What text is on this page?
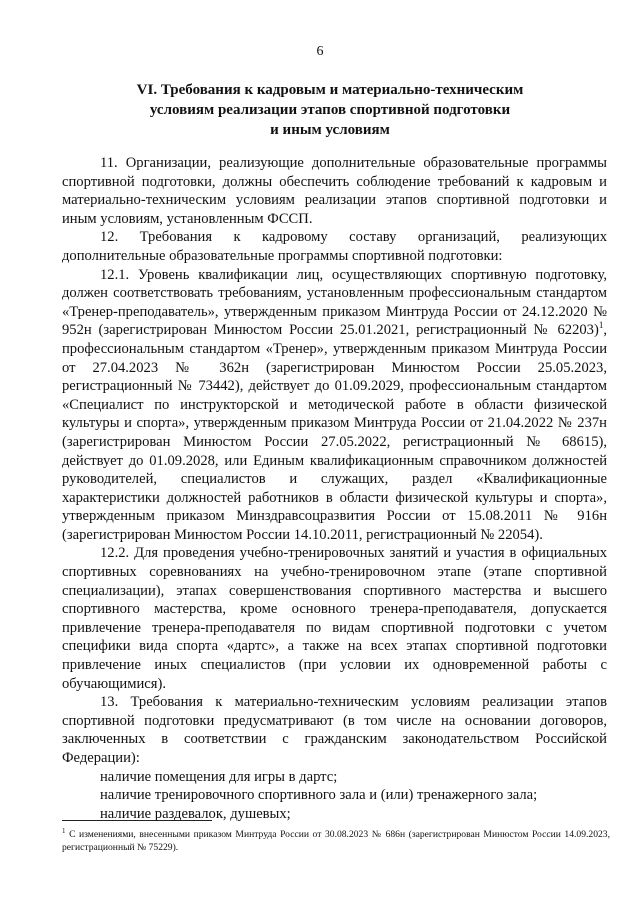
6
VI. Требования к кадровым и материально-техническим
условиям реализации этапов спортивной подготовки
и иным условиям

11. Организации, реализующие дополнительные образовательные программы спортивной подготовки, должны обеспечить соблюдение требований к кадровым и материально-техническим условиям реализации этапов спортивной подготовки и иным условиям, установленным ФССП.

12. Требования к кадровому составу организаций, реализующих дополнительные образовательные программы спортивной подготовки:

12.1. Уровень квалификации лиц, осуществляющих спортивную подготовку, должен соответствовать требованиям, установленным профессиональным стандартом «Тренер-преподаватель», утвержденным приказом Минтруда России от 24.12.2020 № 952н (зарегистрирован Минюстом России 25.01.2021, регистрационный № 62203)$^1$, профессиональным стандартом «Тренер», утвержденным приказом Минтруда России от 27.04.2023 № 362н (зарегистрирован Минюстом России 25.05.2023, регистрационный № 73442), действует до 01.09.2029, профессиональным стандартом «Специалист по инструкторской и методической работе в области физической культуры и спорта», утвержденным приказом Минтруда России от 21.04.2022 № 237н (зарегистрирован Минюстом России 27.05.2022, регистрационный № 68615), действует до 01.09.2028, или Единым квалификационным справочником должностей руководителей, специалистов и служащих, раздел «Квалификационные характеристики должностей работников в области физической культуры и спорта», утвержденным приказом Минздравсоцразвития России от 15.08.2011 № 916н (зарегистрирован Минюстом России 14.10.2011, регистрационный № 22054).

12.2. Для проведения учебно-тренировочных занятий и участия в официальных спортивных соревнованиях на учебно-тренировочном этапе (этапе спортивной специализации), этапах совершенствования спортивного мастерства и высшего спортивного мастерства, кроме основного тренера-преподавателя, допускается привлечение тренера-преподавателя по видам спортивной подготовки с учетом специфики вида спорта «дартс», а также на всех этапах спортивной подготовки привлечение иных специалистов (при условии их одновременной работы с обучающимися).

13. Требования к материально-техническим условиям реализации этапов спортивной подготовки предусматривают (в том числе на основании договоров, заключенных в соответствии с гражданским законодательством Российской Федерации):

наличие помещения для игры в дартс;

наличие тренировочного спортивного зала и (или) тренажерного зала;

наличие раздевалок, душевых;

$^1$ С изменениями, внесенными приказом Минтруда России от 30.08.2023 № 686н (зарегистрирован Минюстом России 14.09.2023, регистрационный № 75229).
